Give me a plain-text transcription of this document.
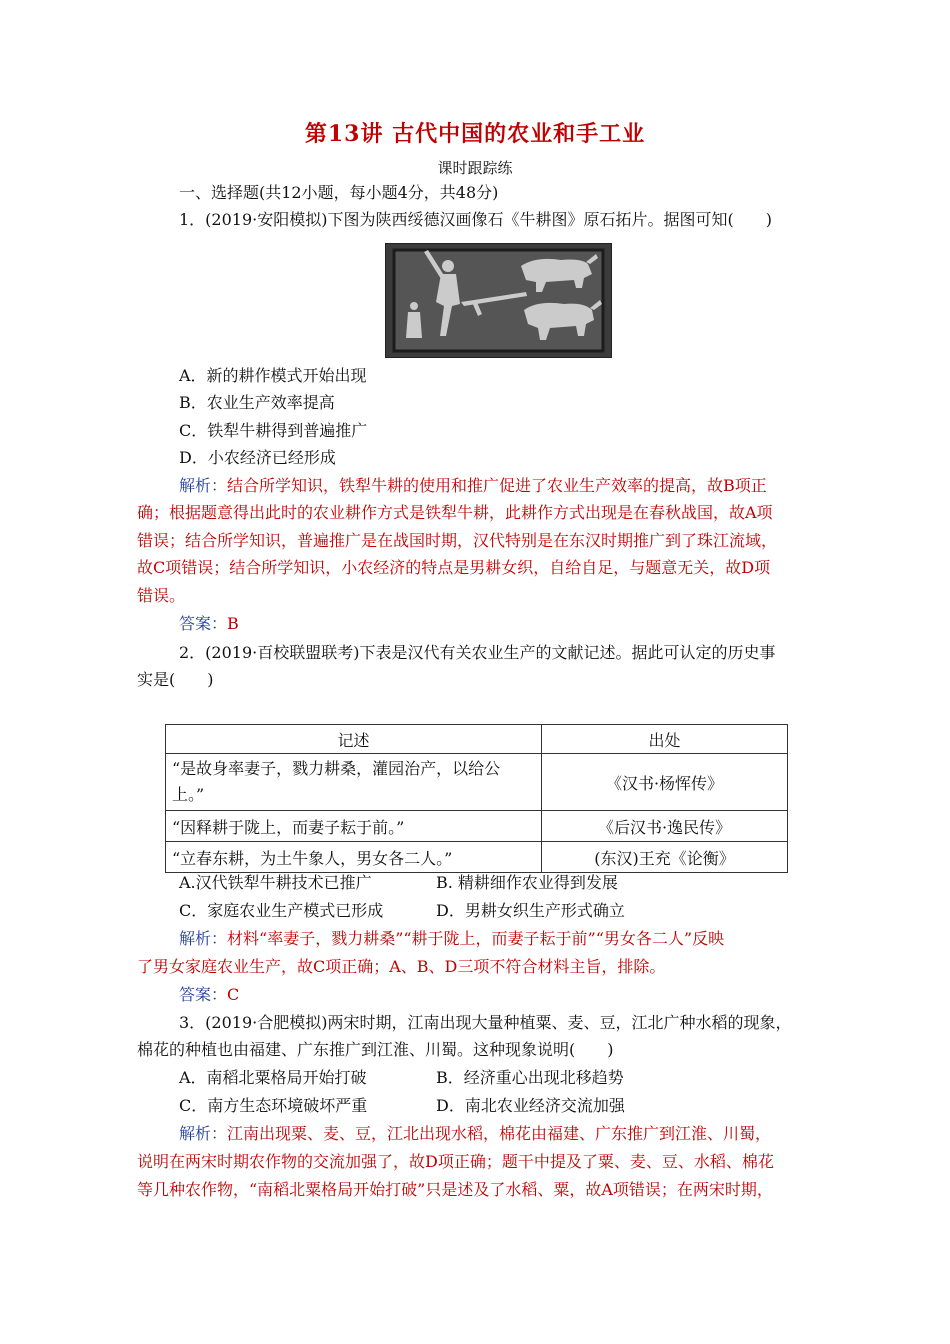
第13讲 古代中国的农业和手工业
课时跟踪练
一、选择题(共12小题，每小题4分，共48分)
1．(2019·安阳模拟)下图为陕西绥德汉画像石《牛耕图》原石拓片。据图可知(　　)
A．新的耕作模式开始出现
B．农业生产效率提高
C．铁犁牛耕得到普遍推广
D．小农经济已经形成
解析：结合所学知识，铁犁牛耕的使用和推广促进了农业生产效率的提高，故B项正
确；根据题意得出此时的农业耕作方式是铁犁牛耕，此耕作方式出现是在春秋战国，故A项
错误；结合所学知识，普遍推广是在战国时期，汉代特别是在东汉时期推广到了珠江流域，
故C项错误；结合所学知识，小农经济的特点是男耕女织，自给自足，与题意无关，故D项
错误。
答案：B
2．(2019·百校联盟联考)下表是汉代有关农业生产的文献记述。据此可认定的历史事
实是(　　)
记述	出处
“是故身率妻子，戮力耕桑，灌园治产，以给公
上。”	《汉书·杨恽传》
“因释耕于陇上，而妻子耘于前。”	《后汉书·逸民传》
“立春东耕，为土牛象人，男女各二人。”	(东汉)王充《论衡》
A.汉代铁犁牛耕技术已推广	B. 精耕细作农业得到发展
C．家庭农业生产模式已形成	D．男耕女织生产形式确立
解析：材料“率妻子，戮力耕桑”“耕于陇上，而妻子耘于前”“男女各二人”反映
了男女家庭农业生产，故C项正确；A、B、D三项不符合材料主旨，排除。
答案：C
3．(2019·合肥模拟)两宋时期，江南出现大量种植粟、麦、豆，江北广种水稻的现象，
棉花的种植也由福建、广东推广到江淮、川蜀。这种现象说明(　　)
A．南稻北粟格局开始打破	B．经济重心出现北移趋势
C．南方生态环境破坏严重	D．南北农业经济交流加强
解析：江南出现粟、麦、豆，江北出现水稻，棉花由福建、广东推广到江淮、川蜀，
说明在两宋时期农作物的交流加强了，故D项正确；题干中提及了粟、麦、豆、水稻、棉花
等几种农作物，“南稻北粟格局开始打破”只是述及了水稻、粟，故A项错误；在两宋时期，
